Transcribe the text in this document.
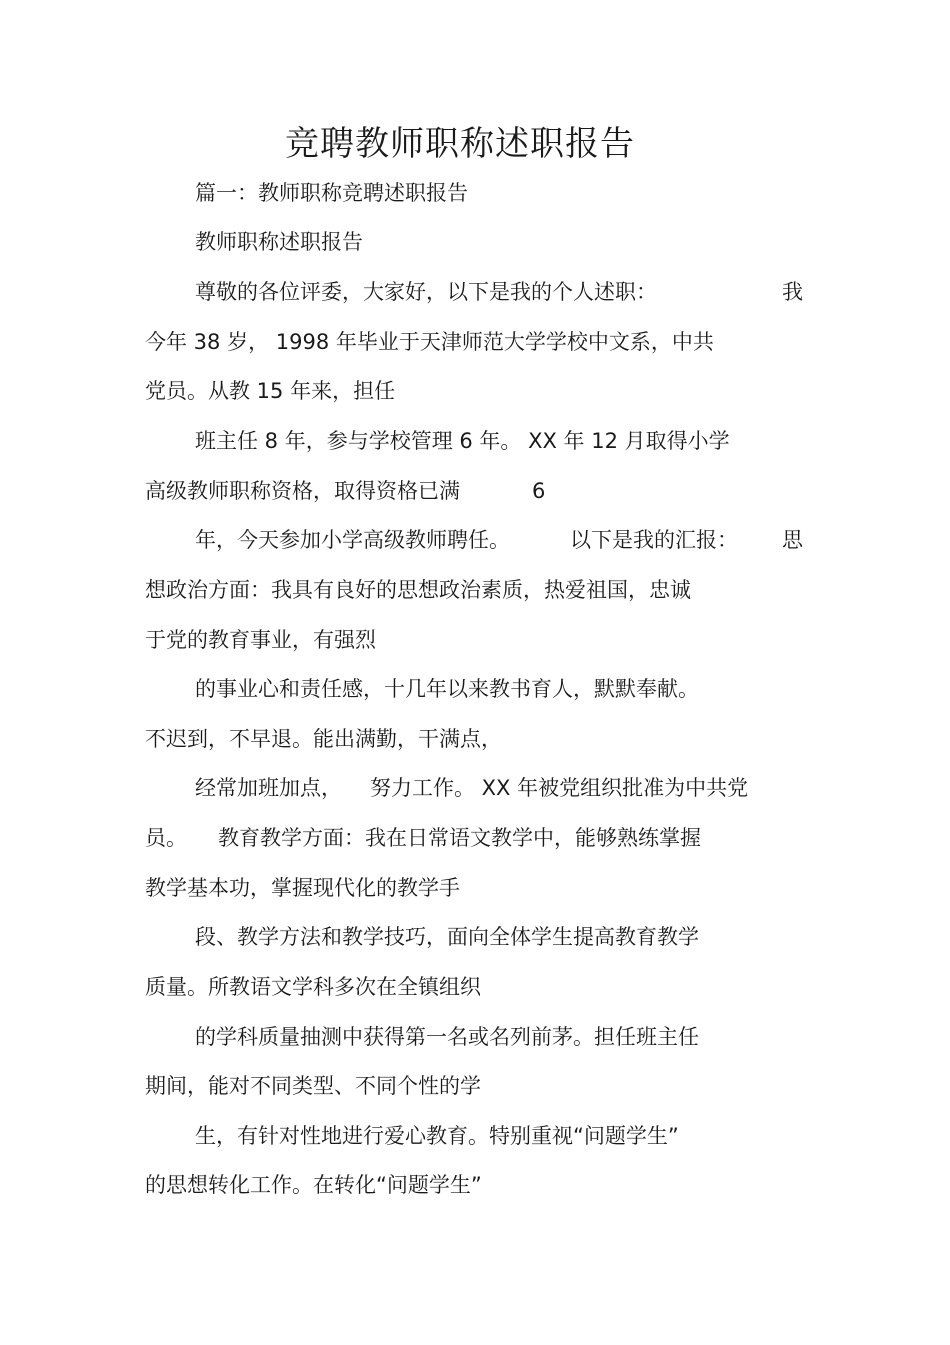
竞聘教师职称述职报告
篇一：教师职称竞聘述职报告
教师职称述职报告
尊敬的各位评委，大家好，以下是我的个人述职：	我
今年 38 岁， 1998 年毕业于天津师范大学学校中文系，中共
党员。从教 15 年来，担任
班主任 8 年，参与学校管理 6 年。 XX 年 12 月取得小学
高级教师职称资格，取得资格已满	6
年，今天参加小学高级教师聘任。	以下是我的汇报： 思
想政治方面：我具有良好的思想政治素质，热爱祖国，忠诚
于党的教育事业，有强烈
的事业心和责任感，十几年以来教书育人，默默奉献。
不迟到，不早退。能出满勤，干满点，
经常加班加点， 努力工作。 XX 年被党组织批准为中共党
员。 教育教学方面：我在日常语文教学中，能够熟练掌握
教学基本功，掌握现代化的教学手
段、教学方法和教学技巧，面向全体学生提高教育教学
质量。所教语文学科多次在全镇组织
的学科质量抽测中获得第一名或名列前茅。担任班主任
期间，能对不同类型、不同个性的学
生，有针对性地进行爱心教育。特别重视“问题学生”
的思想转化工作。在转化“问题学生”
